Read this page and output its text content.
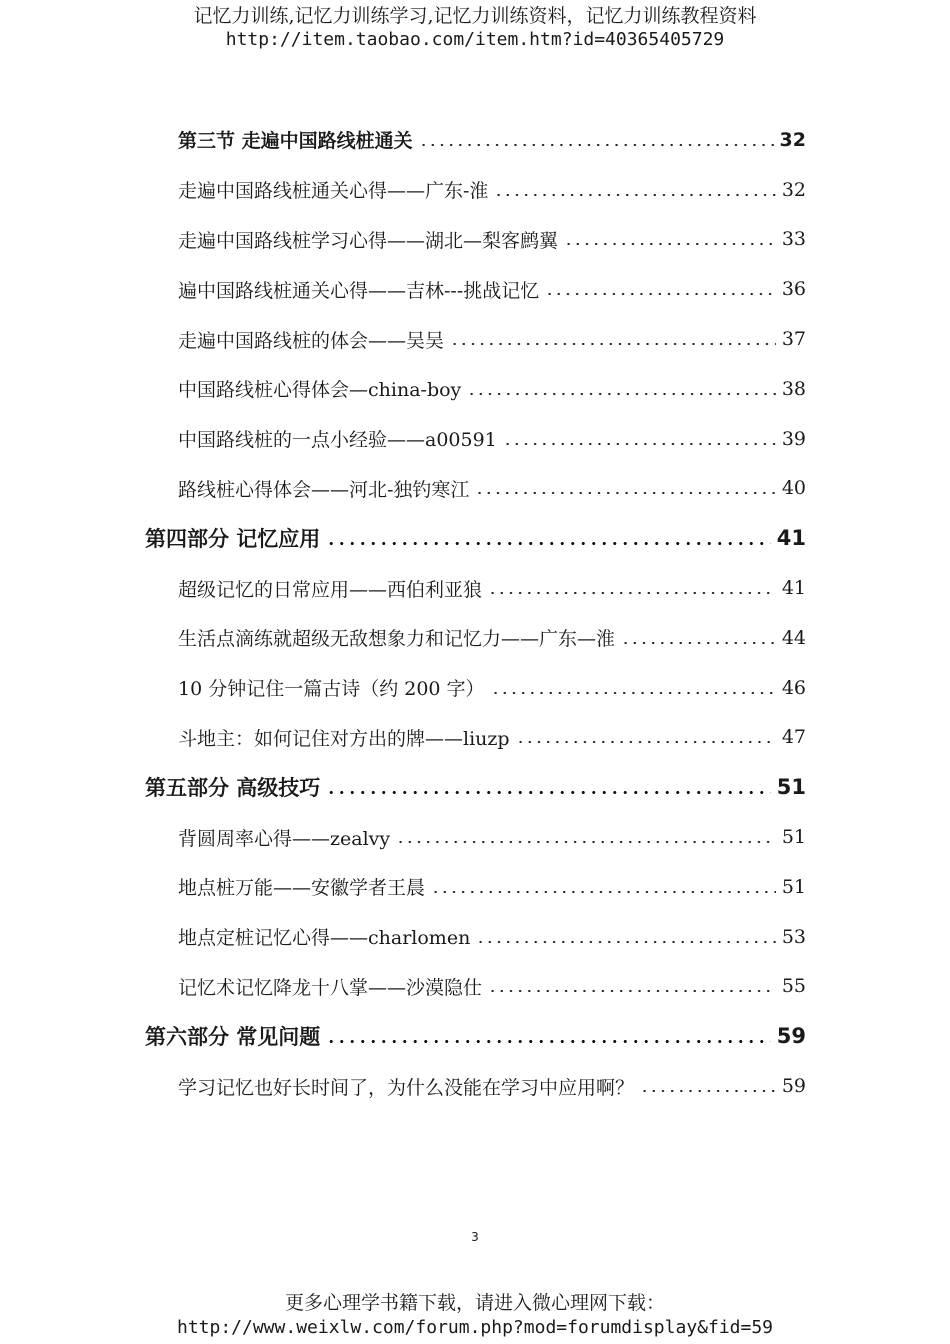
记忆力训练,记忆力训练学习,记忆力训练资料，记忆力训练教程资料
http://item.taobao.com/item.htm?id=40365405729
第三节 走遍中国路线桩通关	32
走遍中国路线桩通关心得——广东-淮	32
走遍中国路线桩学习心得——湖北—梨客鹧翼	33
遍中国路线桩通关心得——吉林---挑战记忆	36
走遍中国路线桩的体会——吴吴	37
中国路线桩心得体会—china-boy	38
中国路线桩的一点小经验——a00591	39
路线桩心得体会——河北-独钓寒江	40
第四部分 记忆应用	41
超级记忆的日常应用——西伯利亚狼	41
生活点滴练就超级无敌想象力和记忆力——广东—淮	44
10 分钟记住一篇古诗（约 200 字）	46
斗地主：如何记住对方出的牌——liuzp	47
第五部分 高级技巧	51
背圆周率心得——zealvy	51
地点桩万能——安徽学者王晨	51
地点定桩记忆心得——charlomen	53
记忆术记忆降龙十八掌——沙漠隐仕	55
第六部分 常见问题	59
学习记忆也好长时间了，为什么没能在学习中应用啊？	59
3
更多心理学书籍下载，请进入微心理网下载：
http://www.weixlw.com/forum.php?mod=forumdisplay&fid=59
